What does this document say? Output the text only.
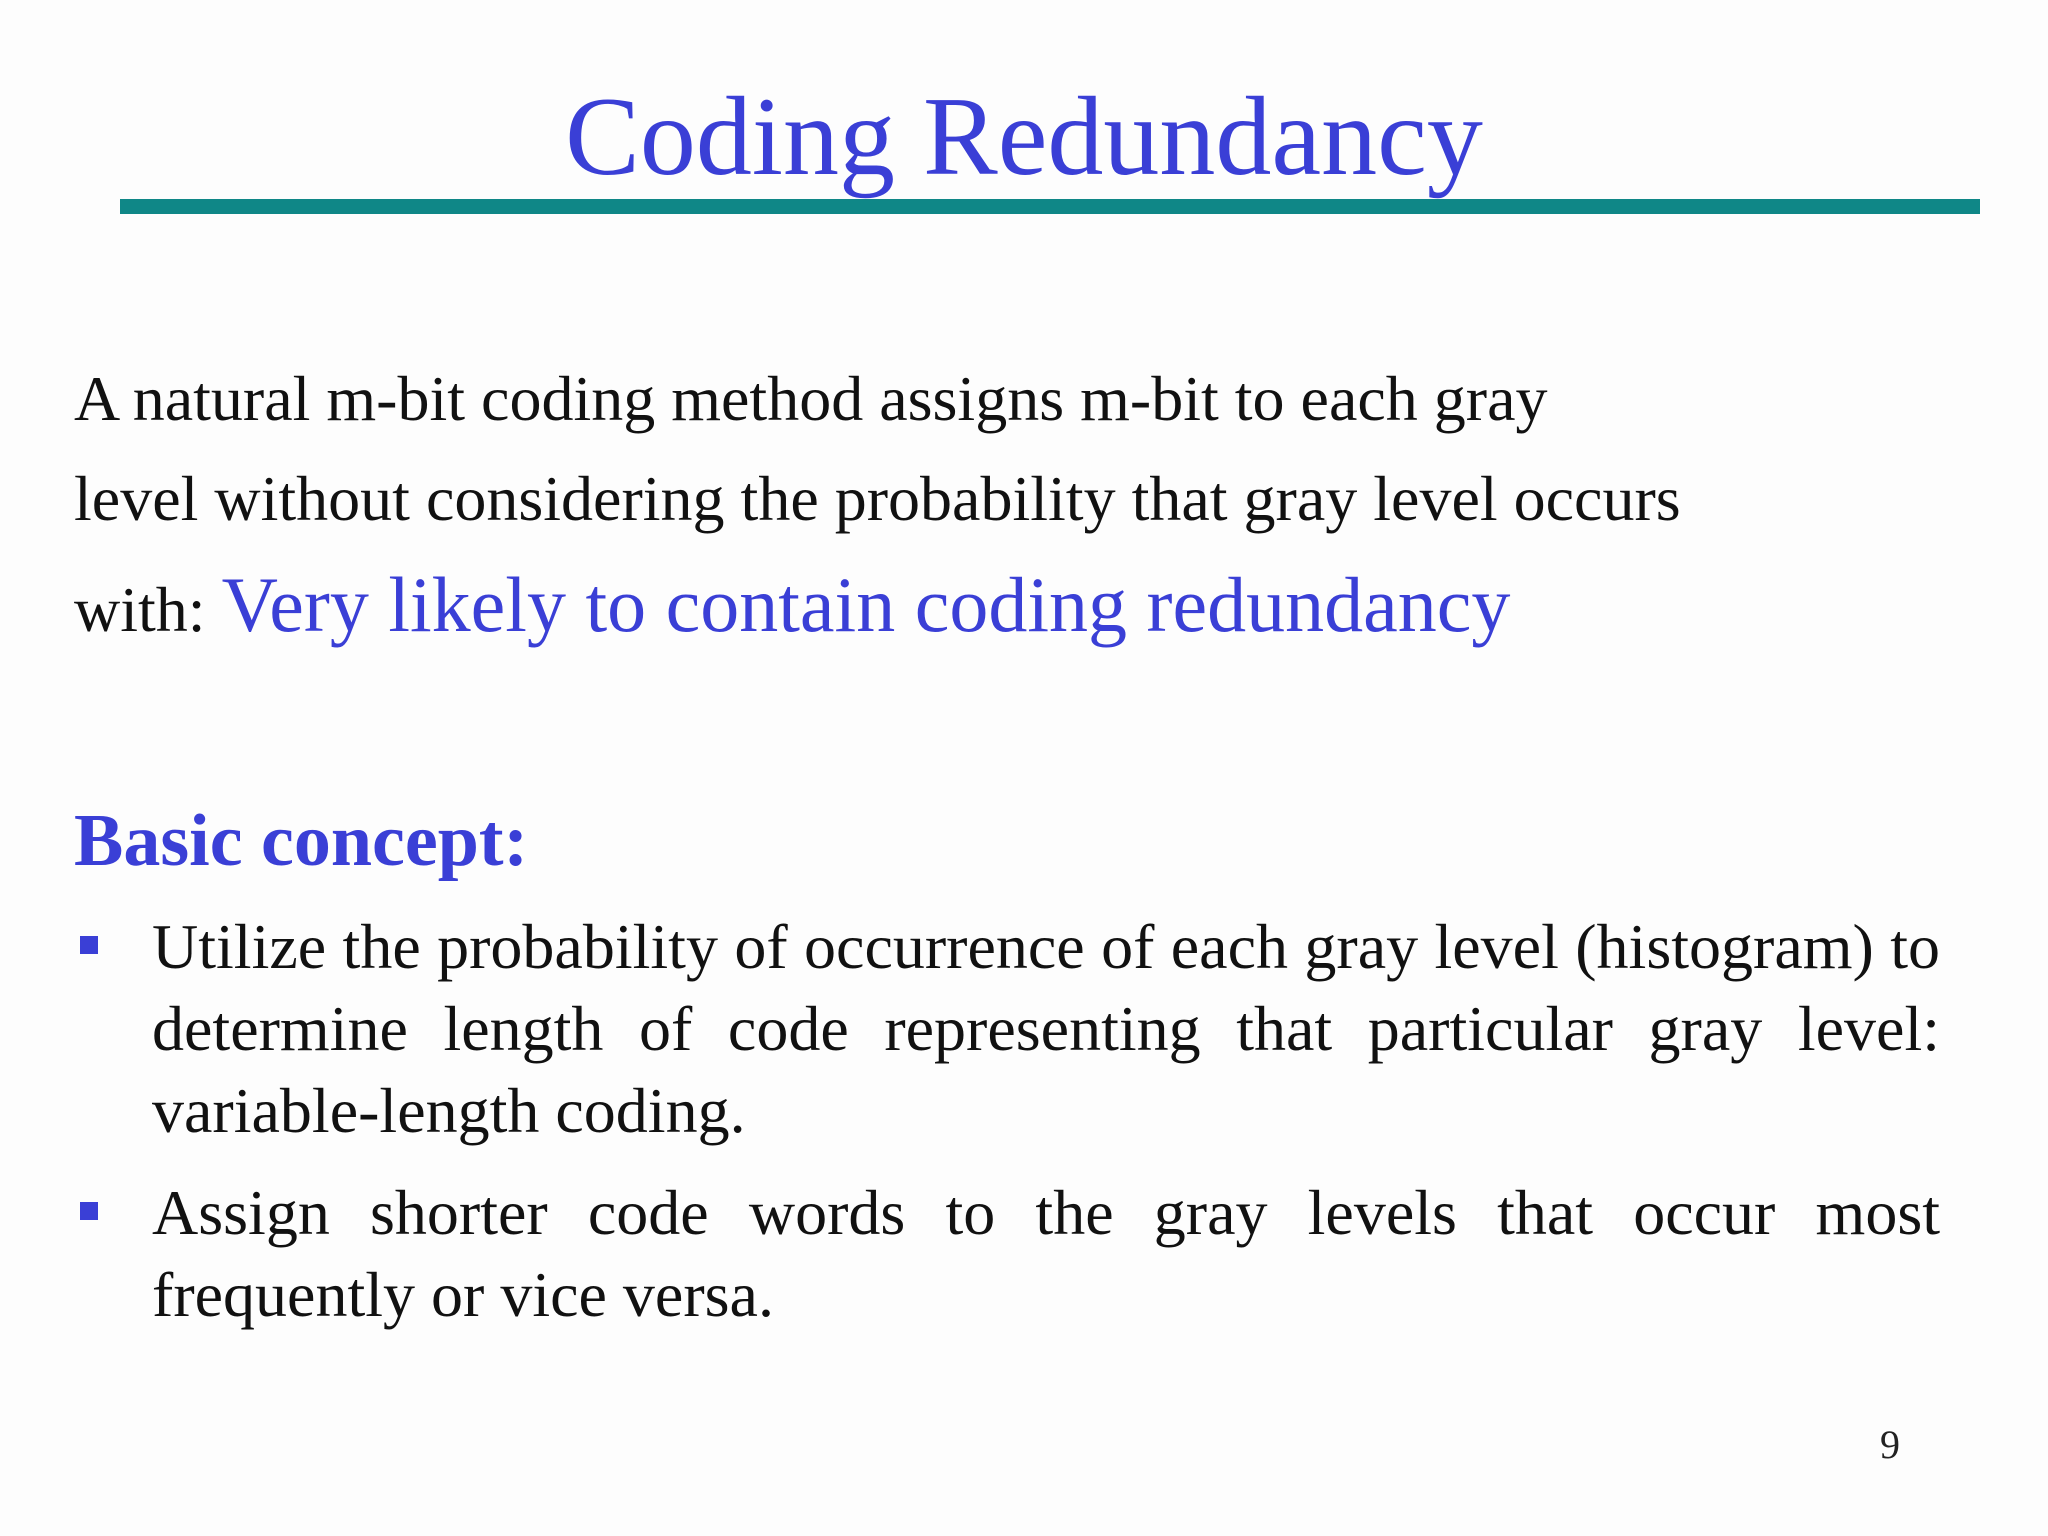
Coding Redundancy
A natural m-bit coding method assigns m-bit to each gray
level without considering the probability that gray level occurs
with: Very likely to contain coding redundancy
Basic concept:
Utilize the probability of occurrence of each gray level (histogram) to determine length of code representing that particular gray level: variable-length coding.
Assign shorter code words to the gray levels that occur most frequently or vice versa.
9
